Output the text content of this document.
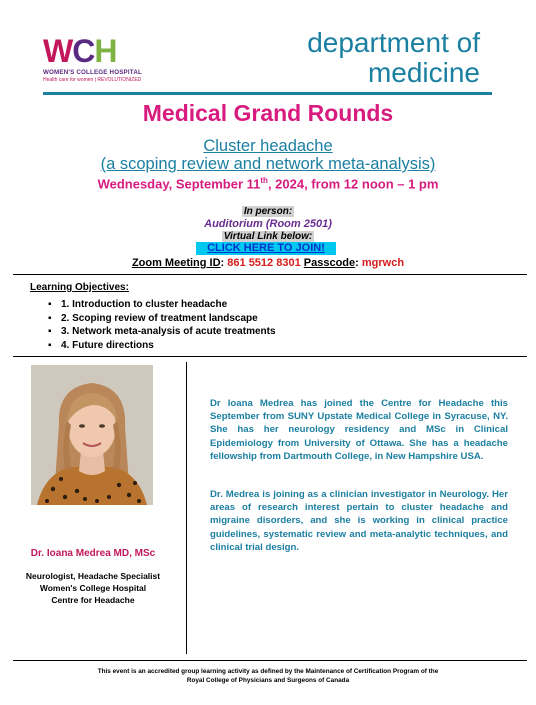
WCH
WOMEN'S COLLEGE HOSPITAL
Health care for women | REVOLUTIONIZED
department of
medicine
Medical Grand Rounds
Cluster headache
(a scoping review and network meta-analysis)
Wednesday, September 11th, 2024, from 12 noon – 1 pm
In person:
Auditorium (Room 2501)
Virtual Link below:
CLICK HERE TO JOIN!
Zoom Meeting ID: 861 5512 8301 Passcode: mgrwch
Learning Objectives:
▪ 1. Introduction to cluster headache
▪ 2. Scoping review of treatment landscape
▪ 3. Network meta-analysis of acute treatments
▪ 4. Future directions
Dr. Ioana Medrea MD, MSc
Neurologist, Headache Specialist
Women's College Hospital
Centre for Headache
Dr Ioana Medrea has joined the Centre for Headache this September from SUNY Upstate Medical College in Syracuse, NY. She has her neurology residency and MSc in Clinical Epidemiology from University of Ottawa. She has a headache fellowship from Dartmouth College, in New Hampshire USA.
Dr. Medrea is joining as a clinician investigator in Neurology. Her areas of research interest pertain to cluster headache and migraine disorders, and she is working in clinical practice guidelines, systematic review and meta-analytic techniques, and clinical trial design.
This event is an accredited group learning activity as defined by the Maintenance of Certification Program of the
Royal College of Physicians and Surgeons of Canada
